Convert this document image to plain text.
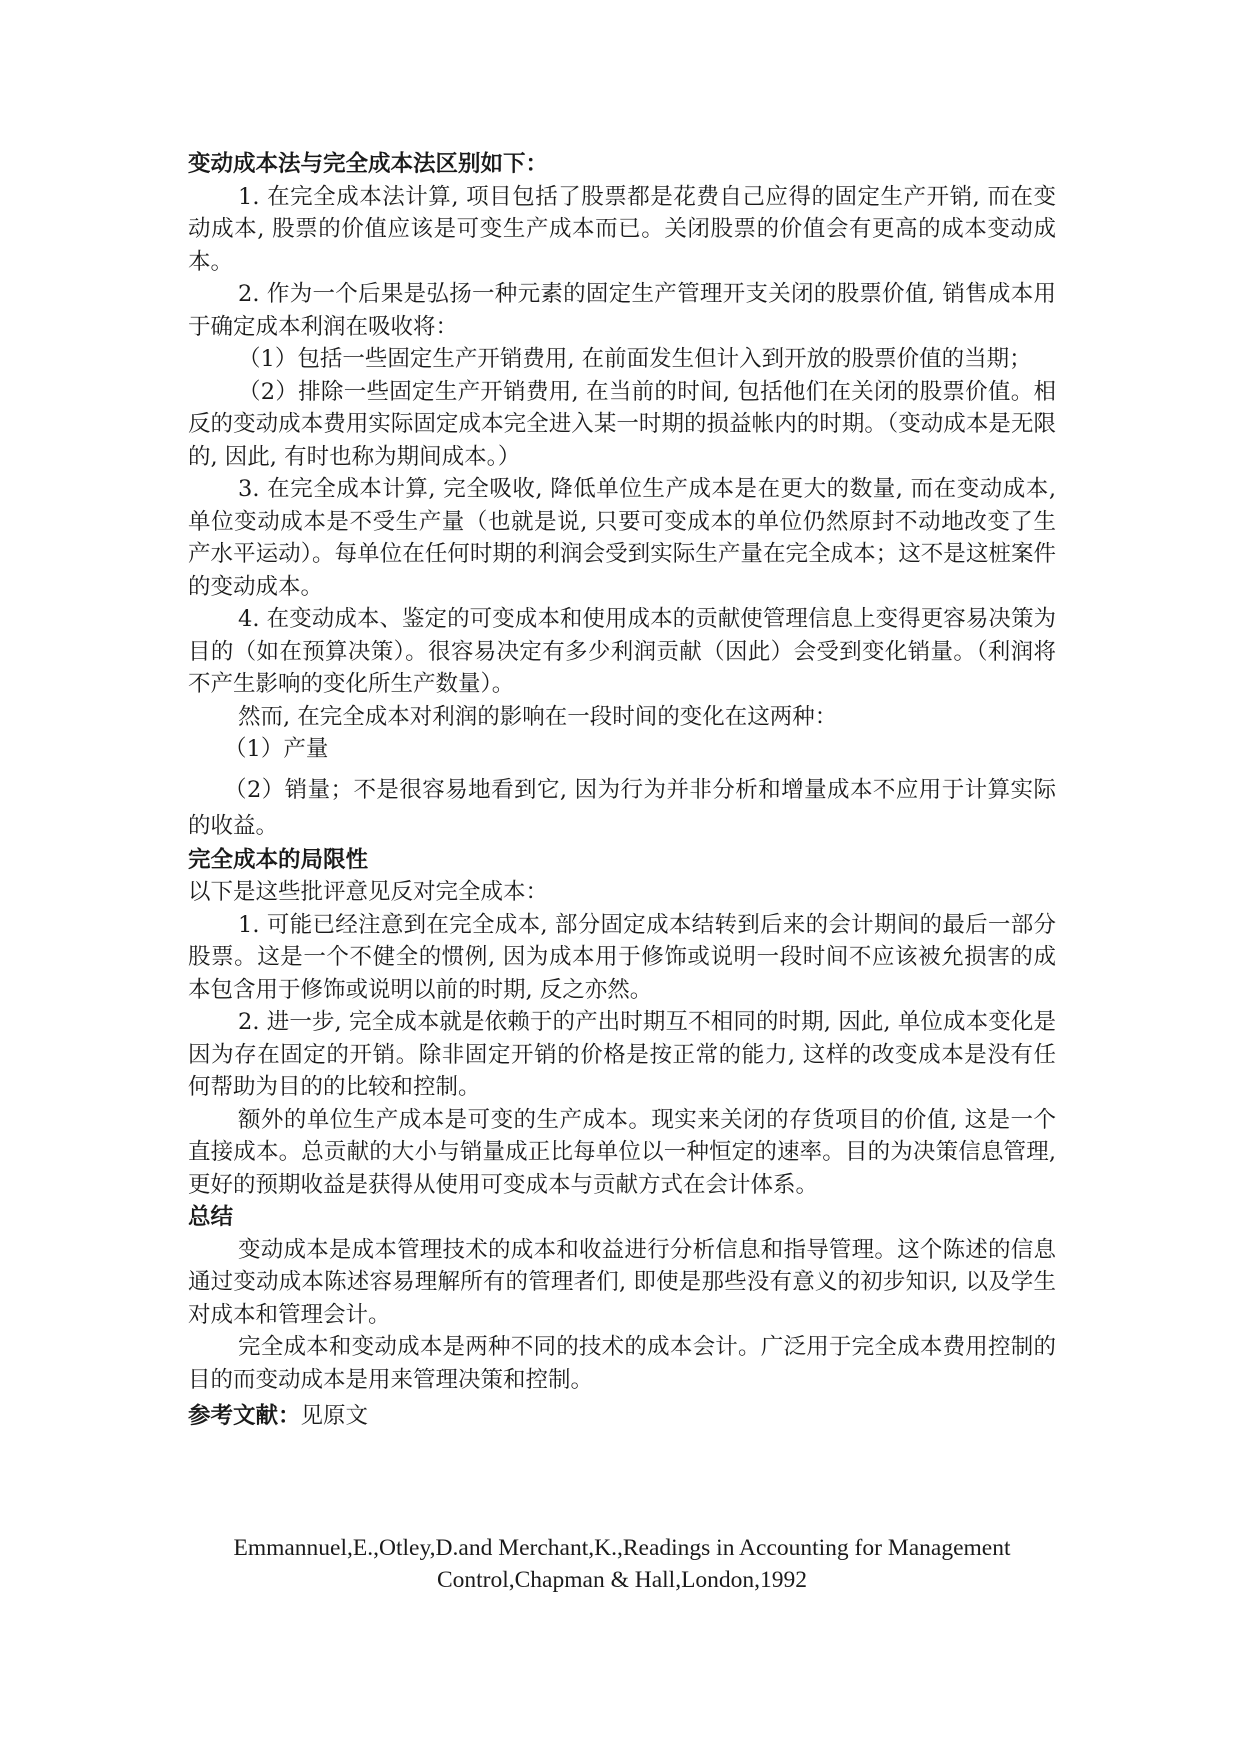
变动成本法与完全成本法区别如下：

1. 在完全成本法计算, 项目包括了股票都是花费自己应得的固定生产开销, 而在变动成本, 股票的价值应该是可变生产成本而已。关闭股票的价值会有更高的成本变动成本。

2. 作为一个后果是弘扬一种元素的固定生产管理开支关闭的股票价值, 销售成本用于确定成本利润在吸收将：

（1）包括一些固定生产开销费用, 在前面发生但计入到开放的股票价值的当期；

（2）排除一些固定生产开销费用, 在当前的时间, 包括他们在关闭的股票价值。相反的变动成本费用实际固定成本完全进入某一时期的损益帐内的时期。（变动成本是无限的, 因此, 有时也称为期间成本。）

3. 在完全成本计算, 完全吸收, 降低单位生产成本是在更大的数量, 而在变动成本, 单位变动成本是不受生产量（也就是说, 只要可变成本的单位仍然原封不动地改变了生产水平运动）。每单位在任何时期的利润会受到实际生产量在完全成本；这不是这桩案件的变动成本。

4. 在变动成本、鉴定的可变成本和使用成本的贡献使管理信息上变得更容易决策为目的（如在预算决策）。很容易决定有多少利润贡献（因此）会受到变化销量。（利润将不产生影响的变化所生产数量）。

然而, 在完全成本对利润的影响在一段时间的变化在这两种：

（1）产量

（2）销量；不是很容易地看到它, 因为行为并非分析和增量成本不应用于计算实际的收益。

完全成本的局限性

以下是这些批评意见反对完全成本：

1. 可能已经注意到在完全成本, 部分固定成本结转到后来的会计期间的最后一部分股票。这是一个不健全的惯例, 因为成本用于修饰或说明一段时间不应该被允损害的成本包含用于修饰或说明以前的时期, 反之亦然。

2. 进一步, 完全成本就是依赖于的产出时期互不相同的时期, 因此, 单位成本变化是因为存在固定的开销。除非固定开销的价格是按正常的能力, 这样的改变成本是没有任何帮助为目的的比较和控制。

额外的单位生产成本是可变的生产成本。现实来关闭的存货项目的价值, 这是一个直接成本。总贡献的大小与销量成正比每单位以一种恒定的速率。目的为决策信息管理, 更好的预期收益是获得从使用可变成本与贡献方式在会计体系。

总结

变动成本是成本管理技术的成本和收益进行分析信息和指导管理。这个陈述的信息通过变动成本陈述容易理解所有的管理者们, 即使是那些没有意义的初步知识, 以及学生对成本和管理会计。

完全成本和变动成本是两种不同的技术的成本会计。广泛用于完全成本费用控制的目的而变动成本是用来管理决策和控制。

参考文献：见原文

Emmannuel,E.,Otley,D.and Merchant,K.,Readings in Accounting for Management
Control,Chapman & Hall,London,1992
